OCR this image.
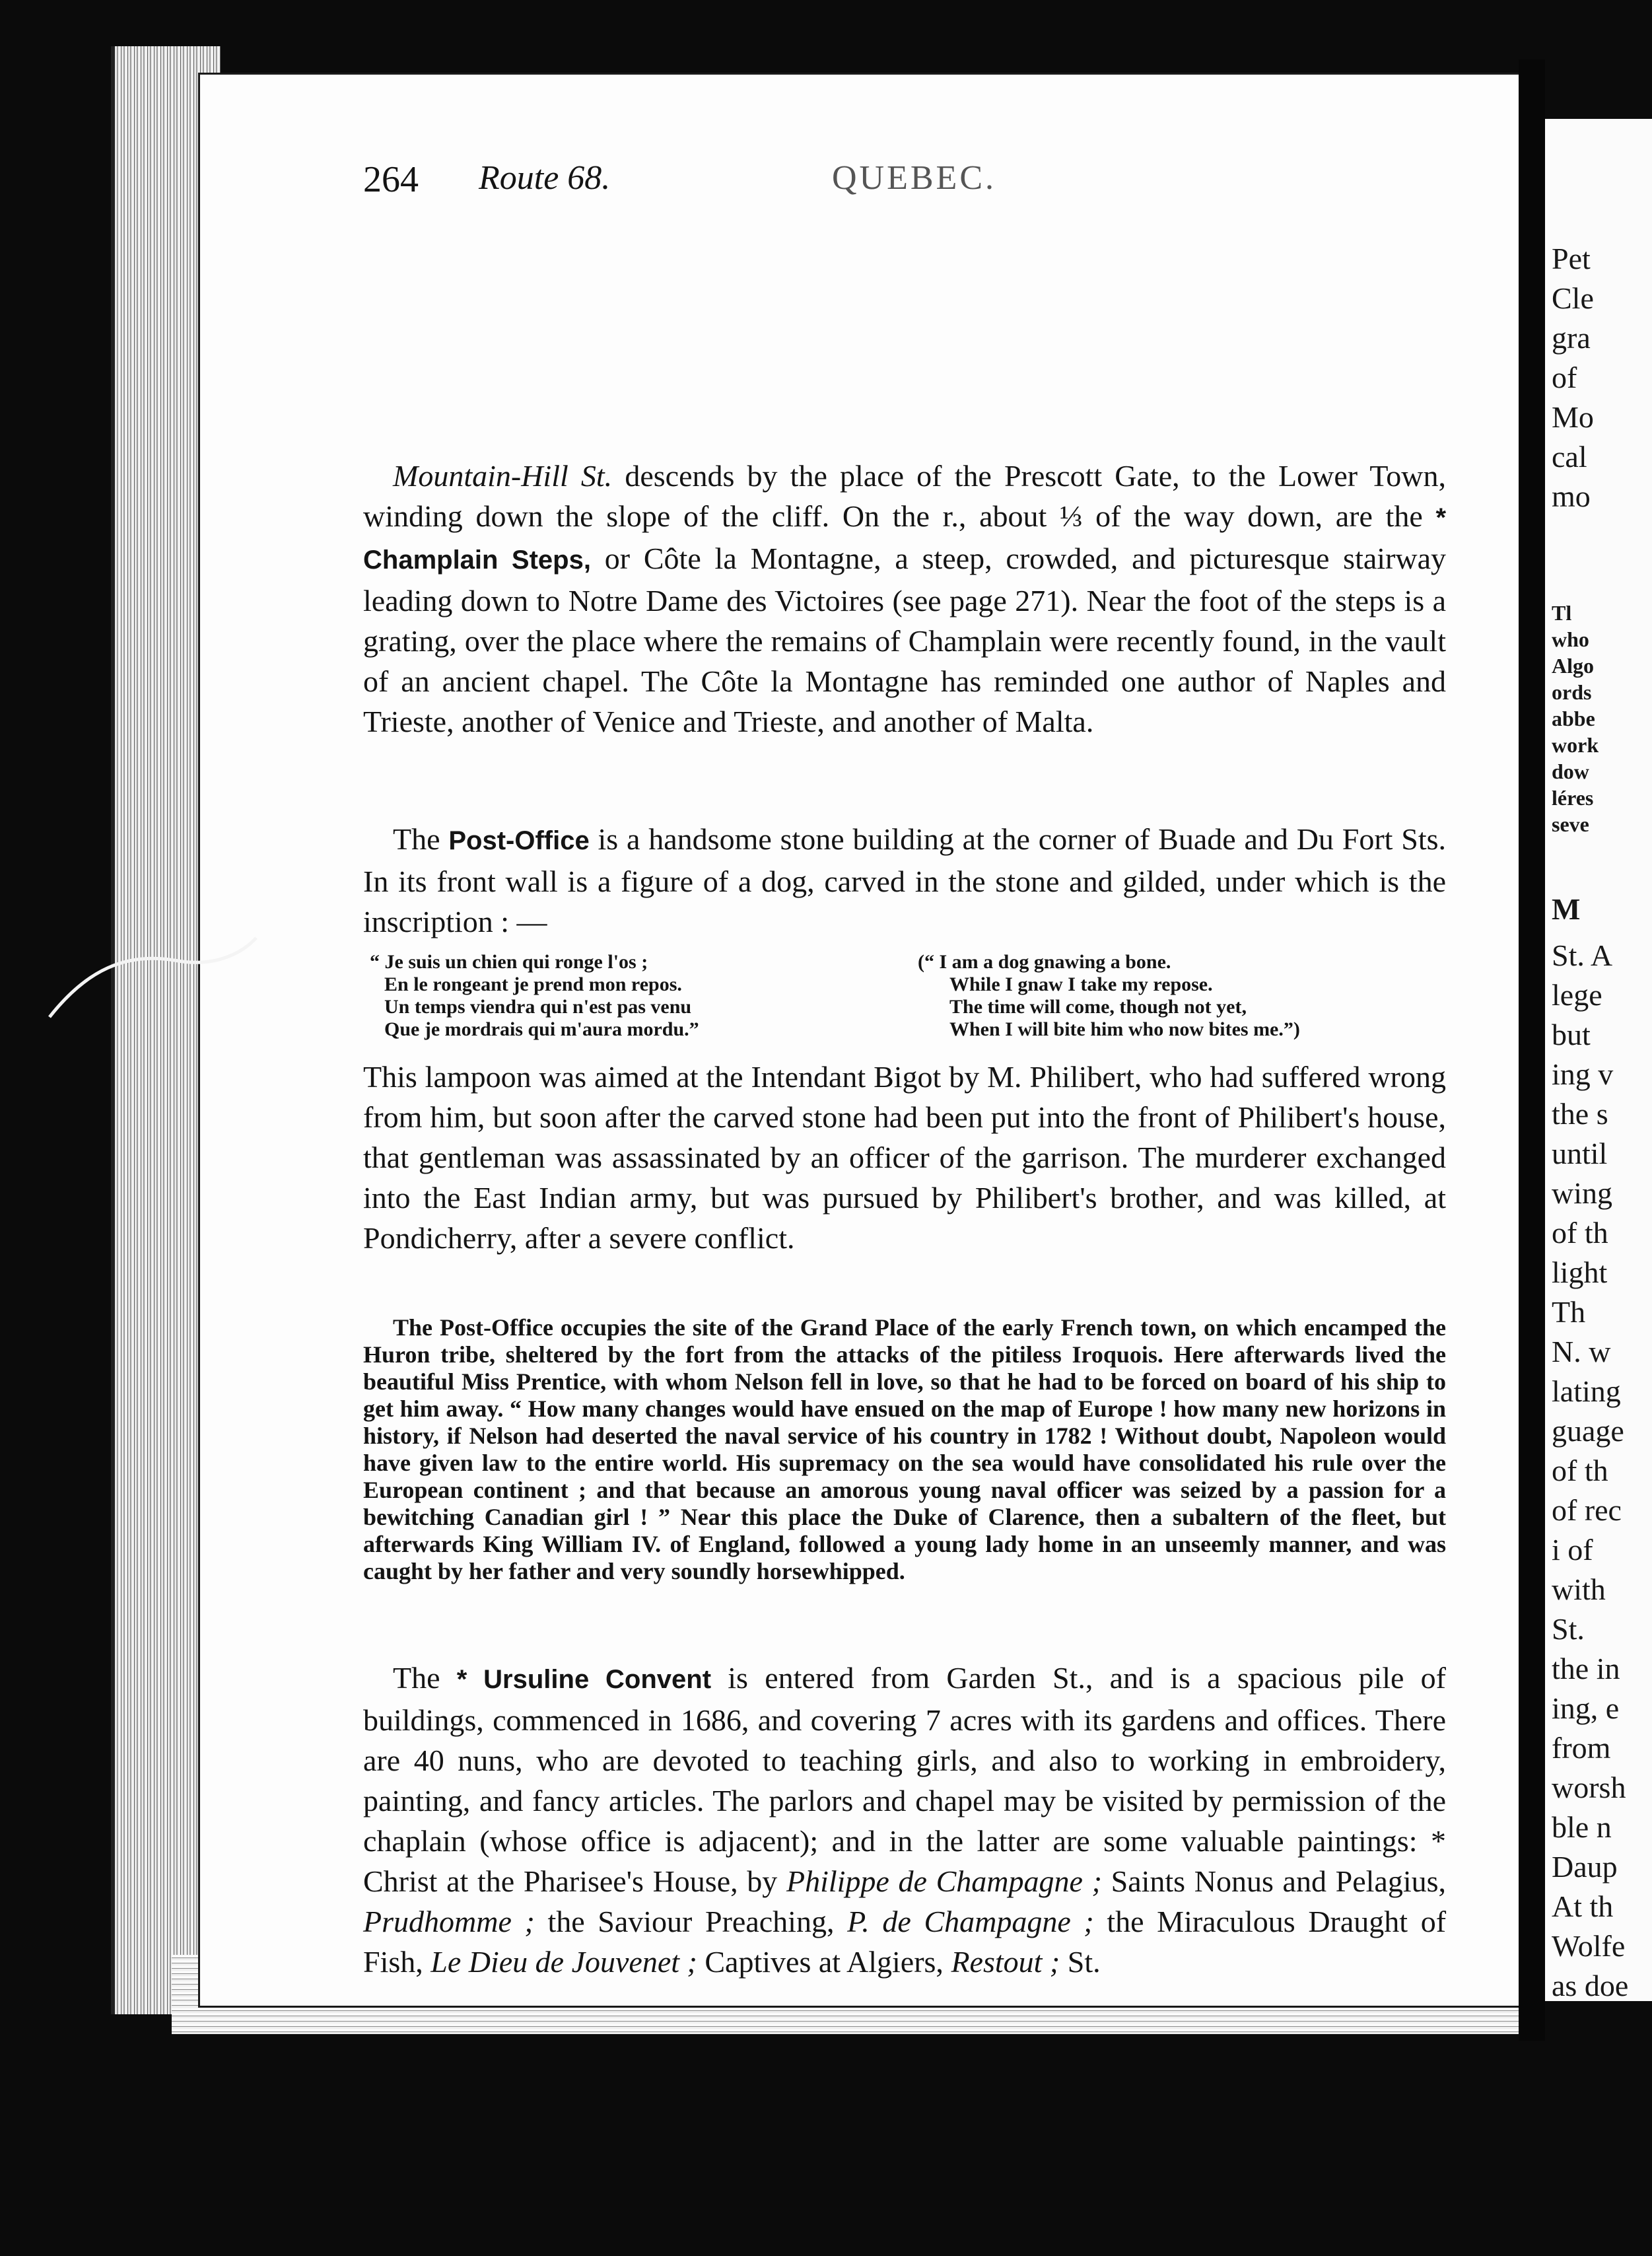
264 Route 68.	QUEBEC.

Mountain-Hill St. descends by the place of the Prescott Gate, to the Lower Town, winding down the slope of the cliff. On the r., about ⅓ of the way down, are the * Champlain Steps, or Côte la Montagne, a steep, crowded, and picturesque stairway leading down to Notre Dame des Victoires (see page 271). Near the foot of the steps is a grating, over the place where the remains of Champlain were recently found, in the vault of an ancient chapel. The Côte la Montagne has reminded one author of Naples and Trieste, another of Venice and Trieste, and another of Malta.

The Post-Office is a handsome stone building at the corner of Buade and Du Fort Sts. In its front wall is a figure of a dog, carved in the stone and gilded, under which is the inscription : —

“ Je suis un chien qui ronge l'os ;
En le rongeant je prend mon repos.
Un temps viendra qui n'est pas venu
Que je mordrais qui m'aura mordu.”
(“ I am a dog gnawing a bone.
While I gnaw I take my repose.
The time will come, though not yet,
When I will bite him who now bites me.”)

This lampoon was aimed at the Intendant Bigot by M. Philibert, who had suffered wrong from him, but soon after the carved stone had been put into the front of Philibert's house, that gentleman was assassinated by an officer of the garrison. The murderer exchanged into the East Indian army, but was pursued by Philibert's brother, and was killed, at Pondicherry, after a severe conflict.

The Post-Office occupies the site of the Grand Place of the early French town, on which encamped the Huron tribe, sheltered by the fort from the attacks of the pitiless Iroquois. Here afterwards lived the beautiful Miss Prentice, with whom Nelson fell in love, so that he had to be forced on board of his ship to get him away. “ How many changes would have ensued on the map of Europe ! how many new horizons in history, if Nelson had deserted the naval service of his country in 1782 ! Without doubt, Napoleon would have given law to the entire world. His supremacy on the sea would have consolidated his rule over the European continent ; and that because an amorous young naval officer was seized by a passion for a bewitching Canadian girl ! ” Near this place the Duke of Clarence, then a subaltern of the fleet, but afterwards King William IV. of England, followed a young lady home in an unseemly manner, and was caught by her father and very soundly horsewhipped.

The * Ursuline Convent is entered from Garden St., and is a spacious pile of buildings, commenced in 1686, and covering 7 acres with its gardens and offices. There are 40 nuns, who are devoted to teaching girls, and also to working in embroidery, painting, and fancy articles. The parlors and chapel may be visited by permission of the chaplain (whose office is adjacent); and in the latter are some valuable paintings: * Christ at the Pharisee's House, by Philippe de Champagne ; Saints Nonus and Pelagius, Prudhomme ; the Saviour Preaching, P. de Champagne ; the Miraculous Draught of Fish, Le Dieu de Jouvenet ; Captives at Algiers, Restout ; St.

Pet
Cle
gra
of
Mo
cal
mo
Tl
who
Algo
ords
abbe
work
dow
léres
seve
M
St. A
lege
but
ing v
the s
until
wing
of th
light
Th
N. w
lating
guage
of th
of rec
i of
with
St.
the in
ing, e
from
worsh
ble n
Daup
At th
Wolfe
as doe
